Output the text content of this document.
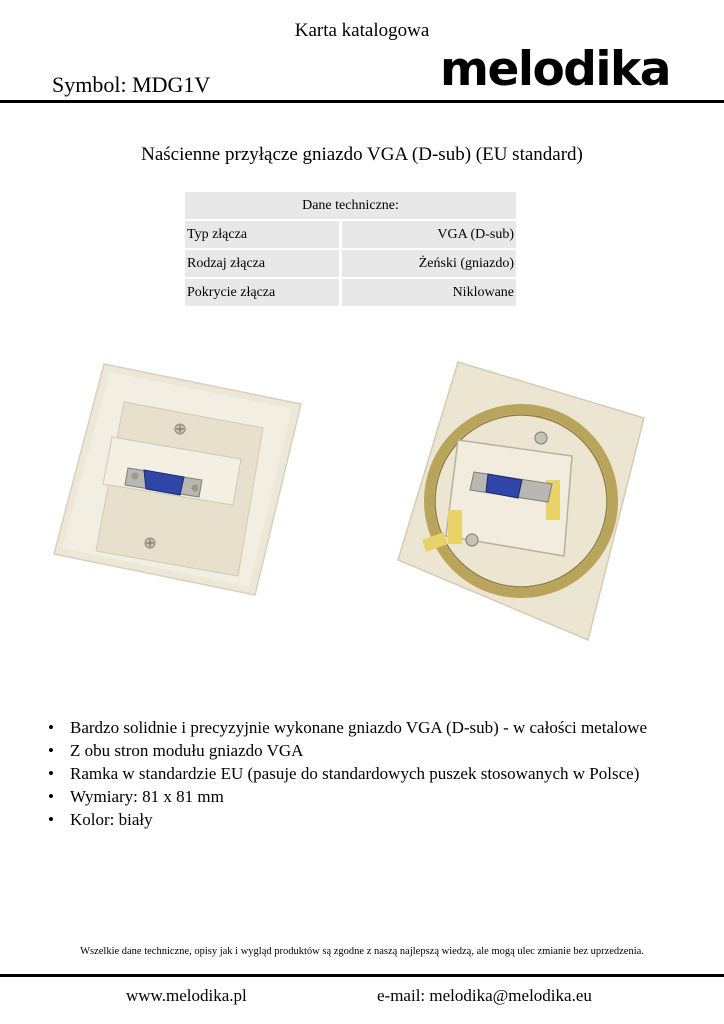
Karta katalogowa
Symbol: MDG1V	melodika
Naścienne przyłącze gniazdo VGA (D-sub) (EU standard)
Dane techniczne:	
Typ złącza	VGA (D-sub)
Rodzaj złącza	Żeński (gniazdo)
Pokrycie złącza	Niklowane
• Bardzo solidnie i precyzyjnie wykonane gniazdo VGA (D-sub) - w całości metalowe
• Z obu stron modułu gniazdo VGA
• Ramka w standardzie EU (pasuje do standardowych puszek stosowanych w Polsce)
• Wymiary: 81 x 81 mm
• Kolor: biały
Wszelkie dane techniczne, opisy jak i wygląd produktów są zgodne z naszą najlepszą wiedzą, ale mogą ulec zmianie bez uprzedzenia.
www.melodika.pl	e-mail: melodika@melodika.eu
